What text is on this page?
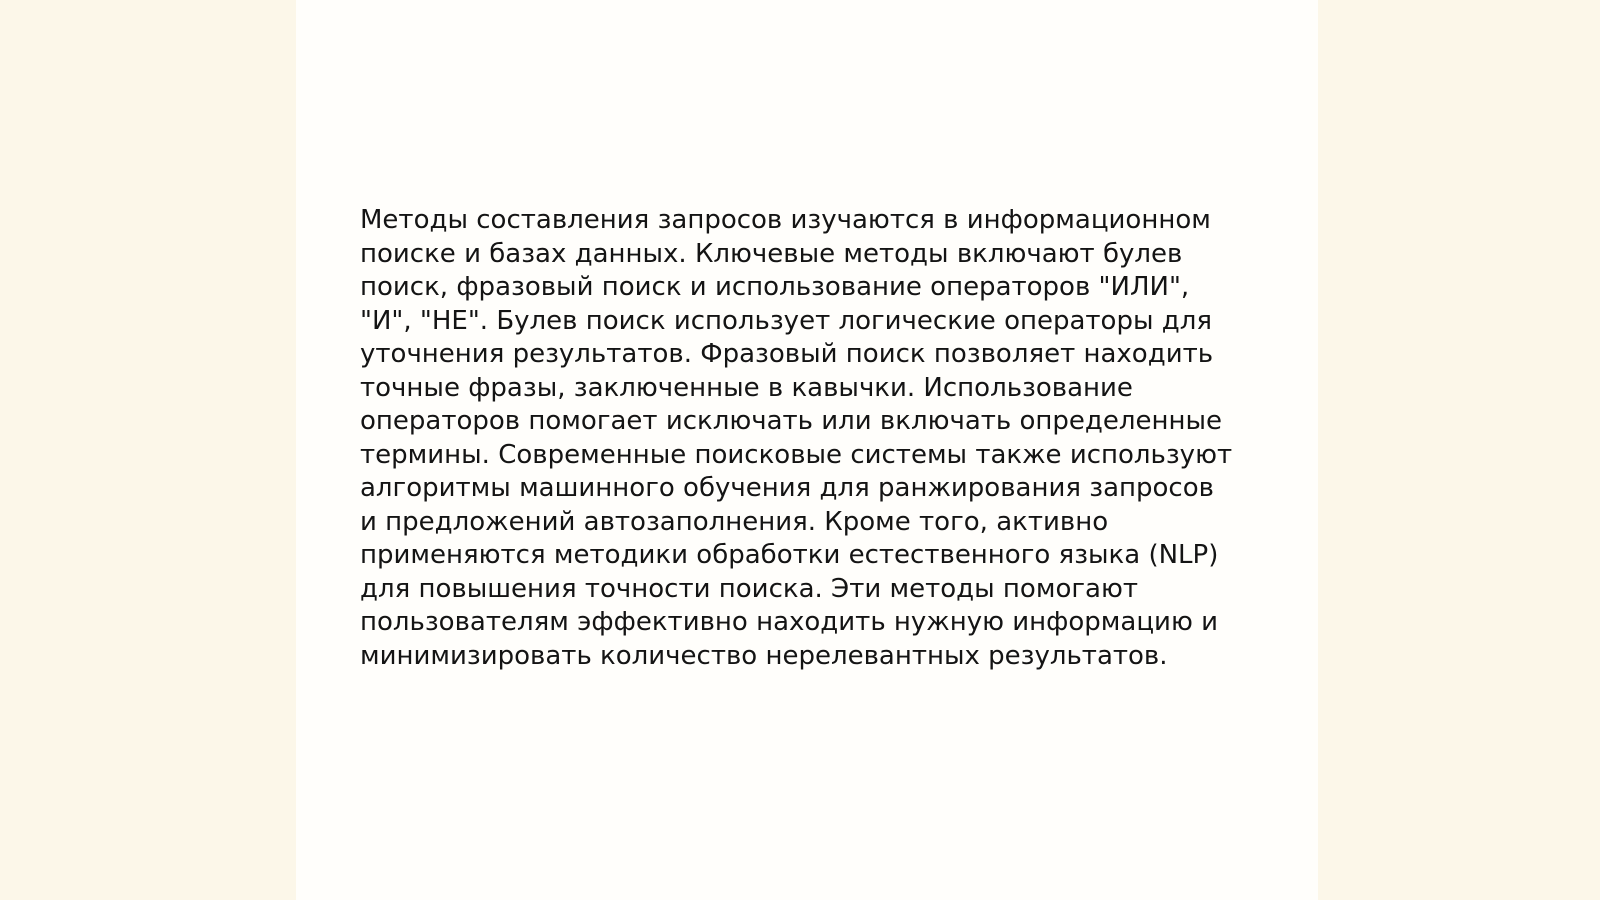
Методы составления запросов изучаются в информационном
поиске и базах данных. Ключевые методы включают булев
поиск, фразовый поиск и использование операторов "ИЛИ",
"И", "НЕ". Булев поиск использует логические операторы для
уточнения результатов. Фразовый поиск позволяет находить
точные фразы, заключенные в кавычки. Использование
операторов помогает исключать или включать определенные
термины. Современные поисковые системы также используют
алгоритмы машинного обучения для ранжирования запросов
и предложений автозаполнения. Кроме того, активно
применяются методики обработки естественного языка (NLP)
для повышения точности поиска. Эти методы помогают
пользователям эффективно находить нужную информацию и
минимизировать количество нерелевантных результатов.
